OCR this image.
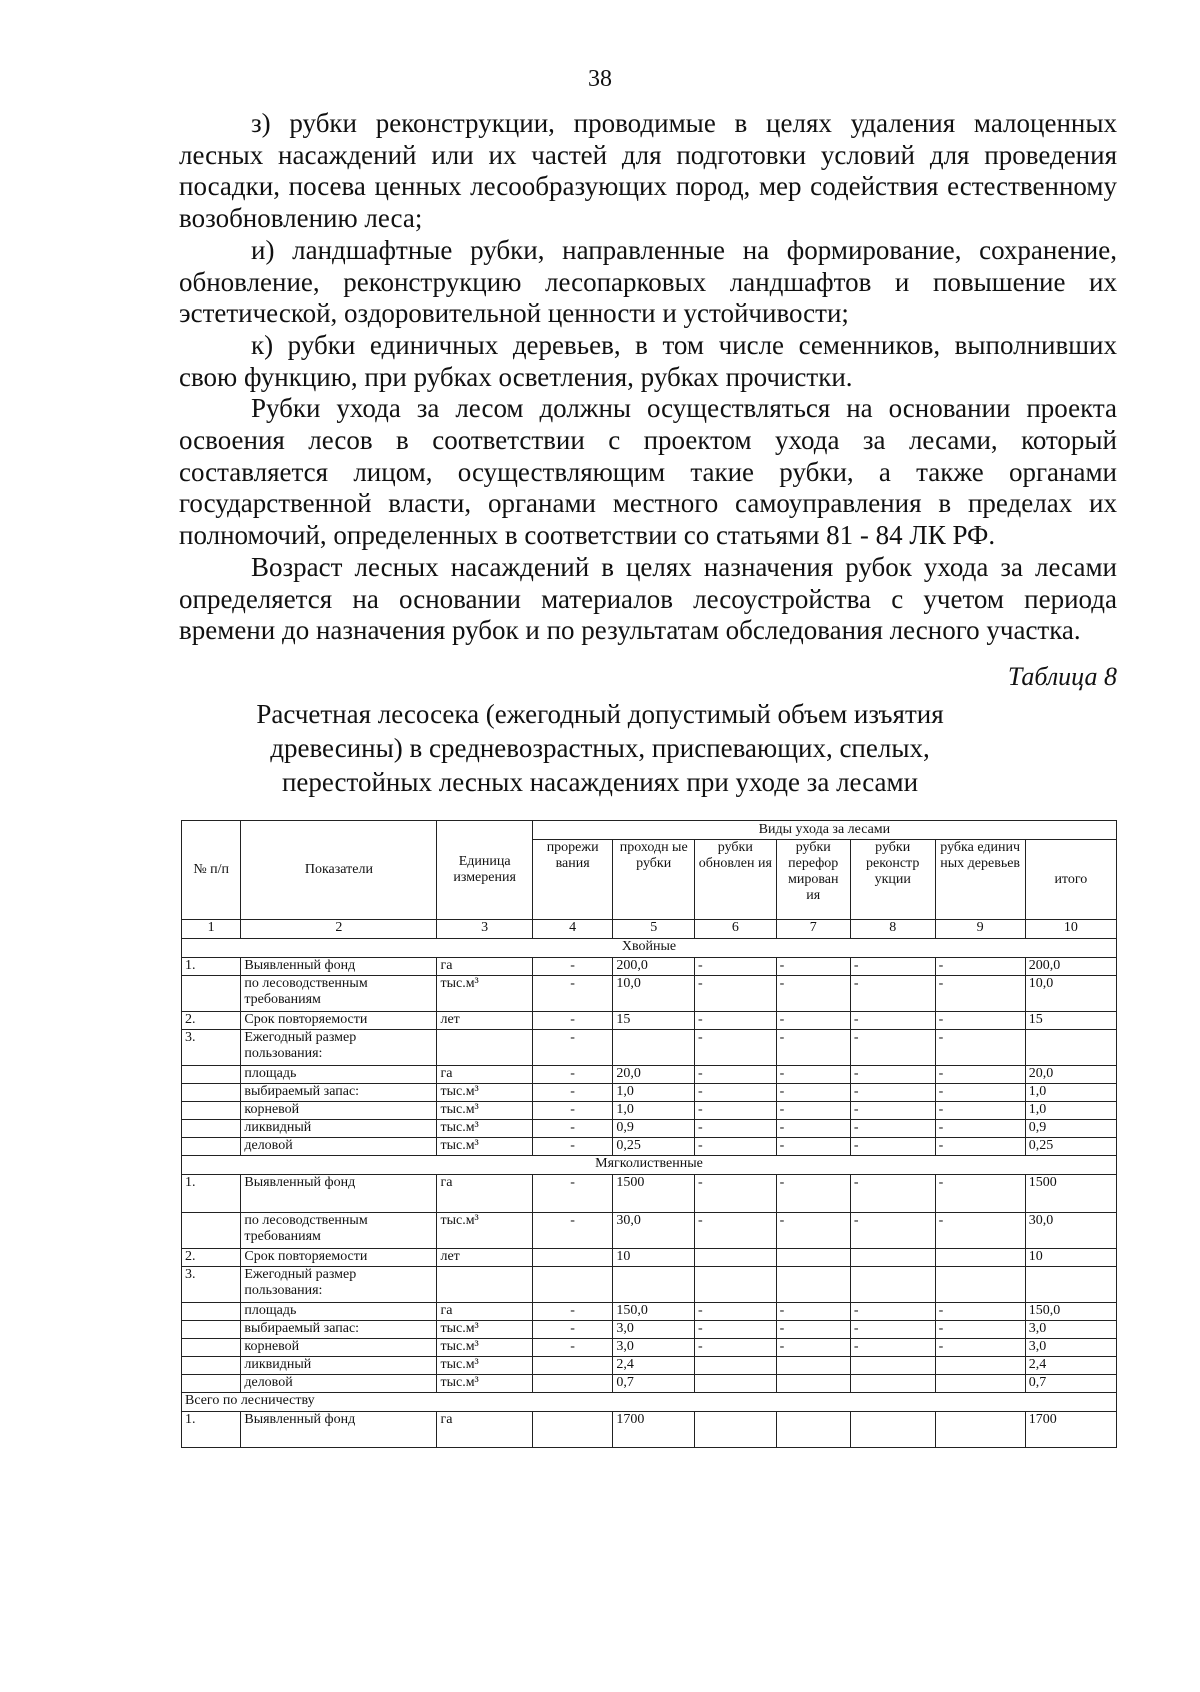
38

з) рубки реконструкции, проводимые в целях удаления малоценных лесных насаждений или их частей для подготовки условий для проведения посадки, посева ценных лесообразующих пород, мер содействия естественному возобновлению леса;

и) ландшафтные рубки, направленные на формирование, сохранение, обновление, реконструкцию лесопарковых ландшафтов и повышение их эстетической, оздоровительной ценности и устойчивости;

к) рубки единичных деревьев, в том числе семенников, выполнивших свою функцию, при рубках осветления, рубках прочистки.

Рубки ухода за лесом должны осуществляться на основании проекта освоения лесов в соответствии с проектом ухода за лесами, который составляется лицом, осуществляющим такие рубки, а также органами государственной власти, органами местного самоуправления в пределах их полномочий, определенных в соответствии со статьями 81 - 84 ЛК РФ.

Возраст лесных насаждений в целях назначения рубок ухода за лесами определяется на основании материалов лесоустройства с учетом периода времени до назначения рубок и по результатам обследования лесного участка.

Таблица 8
Расчетная лесосека (ежегодный допустимый объем изъятия древесины) в средневозрастных, приспевающих, спелых, перестойных лесных насаждениях при уходе за лесами
№ п/п	Показатели	Единица измерения	Виды ухода за лесами						
			прорежи вания	проходн ые рубки	рубки обновлен ия	рубки перефор мирован ия	рубки реконстр укции	рубка единич ных деревьев	итого
1	2	3	4	5	6	7	8	9	10
Хвойные									
1.	Выявленный фонд	га	-	200,0	-	-	-	-	200,0
	по лесоводственным требованиям	тыс.м³	-	10,0	-	-	-	-	10,0
2.	Срок повторяемости	лет	-	15	-	-	-	-	15
3.	Ежегодный размер пользования:		-		-	-	-	-	
	площадь	га	-	20,0	-	-	-	-	20,0
	выбираемый запас:	тыс.м³	-	1,0	-	-	-	-	1,0
	корневой	тыс.м³	-	1,0	-	-	-	-	1,0
	ликвидный	тыс.м³	-	0,9	-	-	-	-	0,9
	деловой	тыс.м³	-	0,25	-	-	-	-	0,25
Мягколиственные									
1.	Выявленный фонд	га	-	1500	-	-	-	-	1500
	по лесоводственным требованиям	тыс.м³	-	30,0	-	-	-	-	30,0
2.	Срок повторяемости	лет		10					10
3.	Ежегодный размер пользования:								
	площадь	га	-	150,0	-	-	-	-	150,0
	выбираемый запас:	тыс.м³	-	3,0	-	-	-	-	3,0
	корневой	тыс.м³	-	3,0	-	-	-	-	3,0
	ликвидный	тыс.м³		2,4					2,4
	деловой	тыс.м³		0,7					0,7
Всего по лесничеству									
1.	Выявленный фонд	га		1700					1700
